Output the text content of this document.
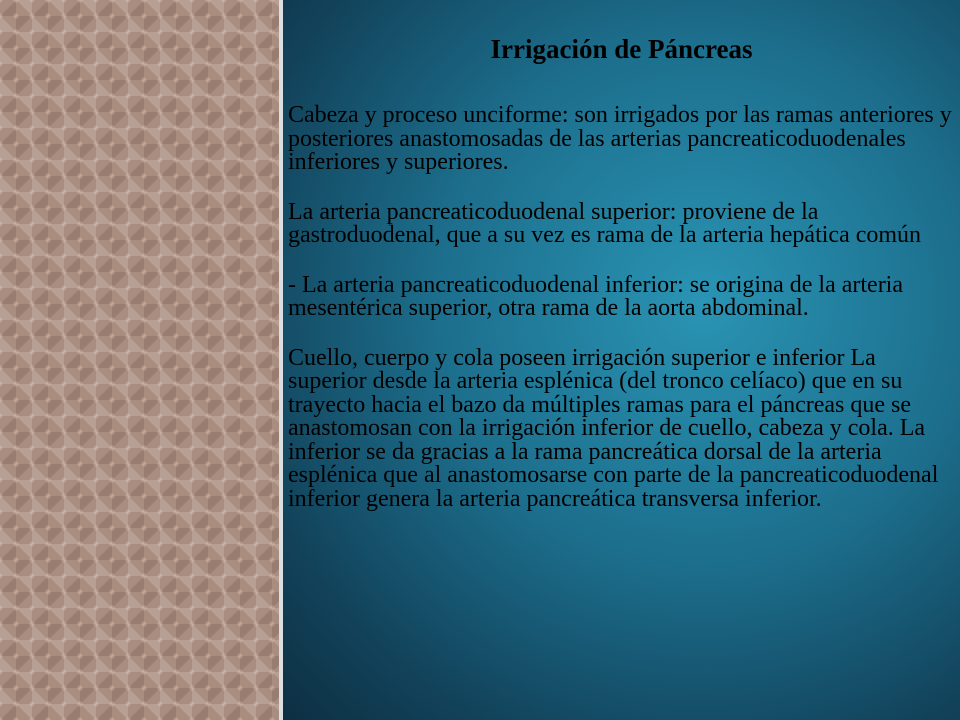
Irrigación de Páncreas

Cabeza y proceso unciforme: son irrigados por las ramas anteriores y posteriores anastomosadas de las arterias pancreaticoduodenales inferiores y superiores.

La arteria pancreaticoduodenal superior: proviene de la gastroduodenal, que a su vez es rama de la arteria hepática común

- La arteria pancreaticoduodenal inferior: se origina de la arteria mesentérica superior, otra rama de la aorta abdominal.

Cuello, cuerpo y cola poseen irrigación superior e inferior La superior desde la arteria esplénica (del tronco celíaco) que en su trayecto hacia el bazo da múltiples ramas para el páncreas que se anastomosan con la irrigación inferior de cuello, cabeza y cola. La inferior se da gracias a la rama pancreática dorsal de la arteria esplénica que al anastomosarse con parte de la pancreaticoduodenal inferior genera la arteria pancreática transversa inferior.
